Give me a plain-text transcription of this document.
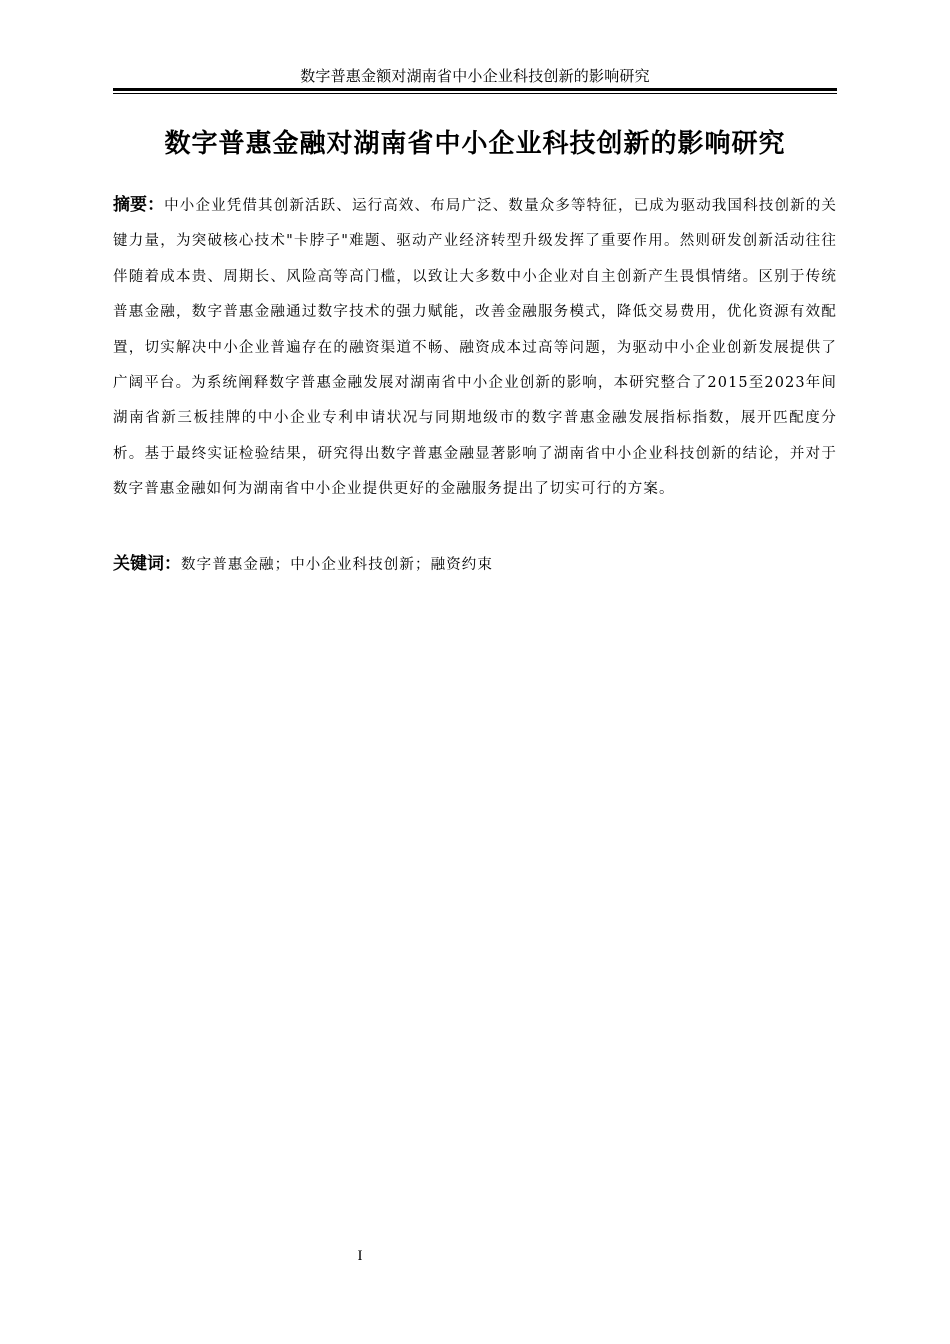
数字普惠金额对湖南省中小企业科技创新的影响研究
数字普惠金融对湖南省中小企业科技创新的影响研究

摘要：中小企业凭借其创新活跃、运行高效、布局广泛、数量众多等特征，已成为驱动我国科技创新的关键力量，为突破核心技术"卡脖子"难题、驱动产业经济转型升级发挥了重要作用。然则研发创新活动往往伴随着成本贵、周期长、风险高等高门槛，以致让大多数中小企业对自主创新产生畏惧情绪。区别于传统普惠金融，数字普惠金融通过数字技术的强力赋能，改善金融服务模式，降低交易费用，优化资源有效配置，切实解决中小企业普遍存在的融资渠道不畅、融资成本过高等问题，为驱动中小企业创新发展提供了广阔平台。为系统阐释数字普惠金融发展对湖南省中小企业创新的影响，本研究整合了2015至2023年间湖南省新三板挂牌的中小企业专利申请状况与同期地级市的数字普惠金融发展指标指数，展开匹配度分析。基于最终实证检验结果，研究得出数字普惠金融显著影响了湖南省中小企业科技创新的结论，并对于数字普惠金融如何为湖南省中小企业提供更好的金融服务提出了切实可行的方案。

关键词：数字普惠金融；中小企业科技创新；融资约束

I
